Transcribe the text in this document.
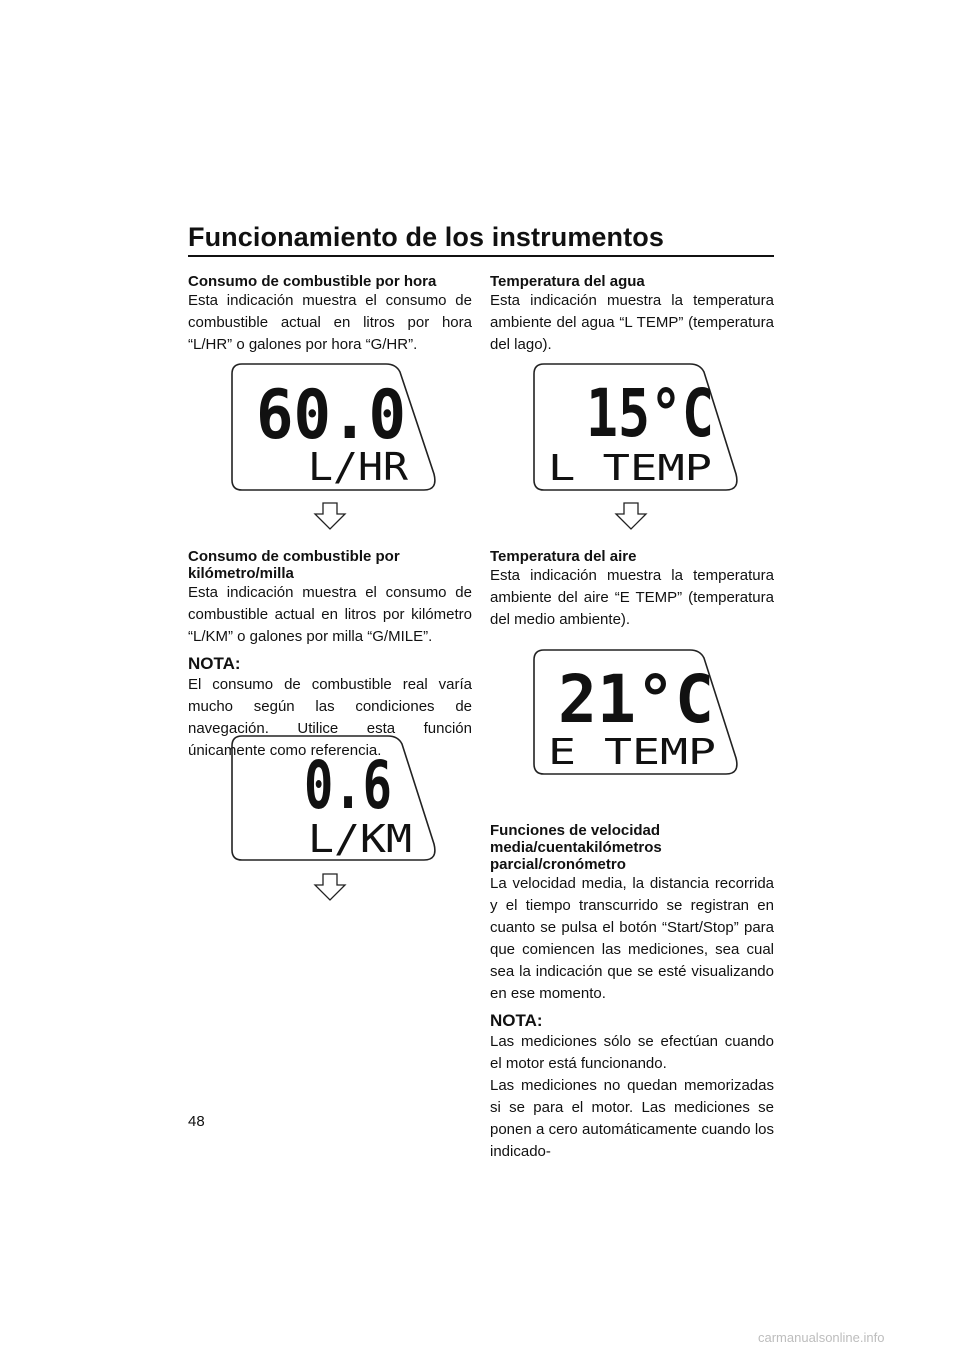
Funcionamiento de los instrumentos
Consumo de combustible por hora
Esta indicación muestra el consumo de combustible actual en litros por hora “L/HR” o galones por hora “G/HR”.
60.0
L/HR
Consumo de combustible por kilómetro/milla
Esta indicación muestra el consumo de combustible actual en litros por kilómetro “L/KM” o galones por milla “G/MILE”.
NOTA:
El consumo de combustible real varía mucho según las condiciones de navegación. Utilice esta función únicamente como referencia.
0.6
L/KM
Temperatura del agua
Esta indicación muestra la temperatura ambiente del agua “L TEMP” (temperatura del lago).
15°C
L TEMP
Temperatura del aire
Esta indicación muestra la temperatura ambiente del aire “E TEMP” (temperatura del medio ambiente).
21°C
E TEMP
Funciones de velocidad media/cuentakilómetros parcial/cronómetro
La velocidad media, la distancia recorrida y el tiempo transcurrido se registran en cuanto se pulsa el botón “Start/Stop” para que comiencen las mediciones, sea cual sea la indicación que se esté visualizando en ese momento.
NOTA:
Las mediciones sólo se efectúan cuando el motor está funcionando.
Las mediciones no quedan memorizadas si se para el motor. Las mediciones se ponen a cero automáticamente cuando los indicado-
48
carmanualsonline.info
